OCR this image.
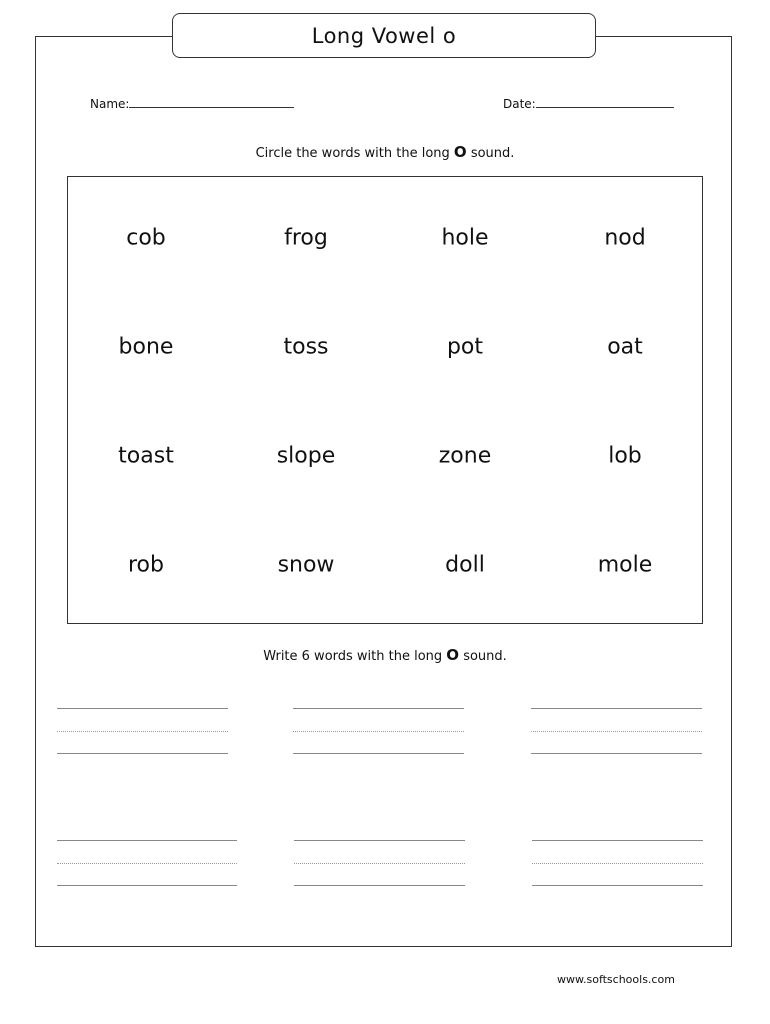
Long Vowel o
Name:	Date:
Circle the words with the long O sound.
cob	frog	hole	nod
bone	toss	pot	oat
toast	slope	zone	lob
rob	snow	doll	mole
Write 6 words with the long O sound.
www.softschools.com
